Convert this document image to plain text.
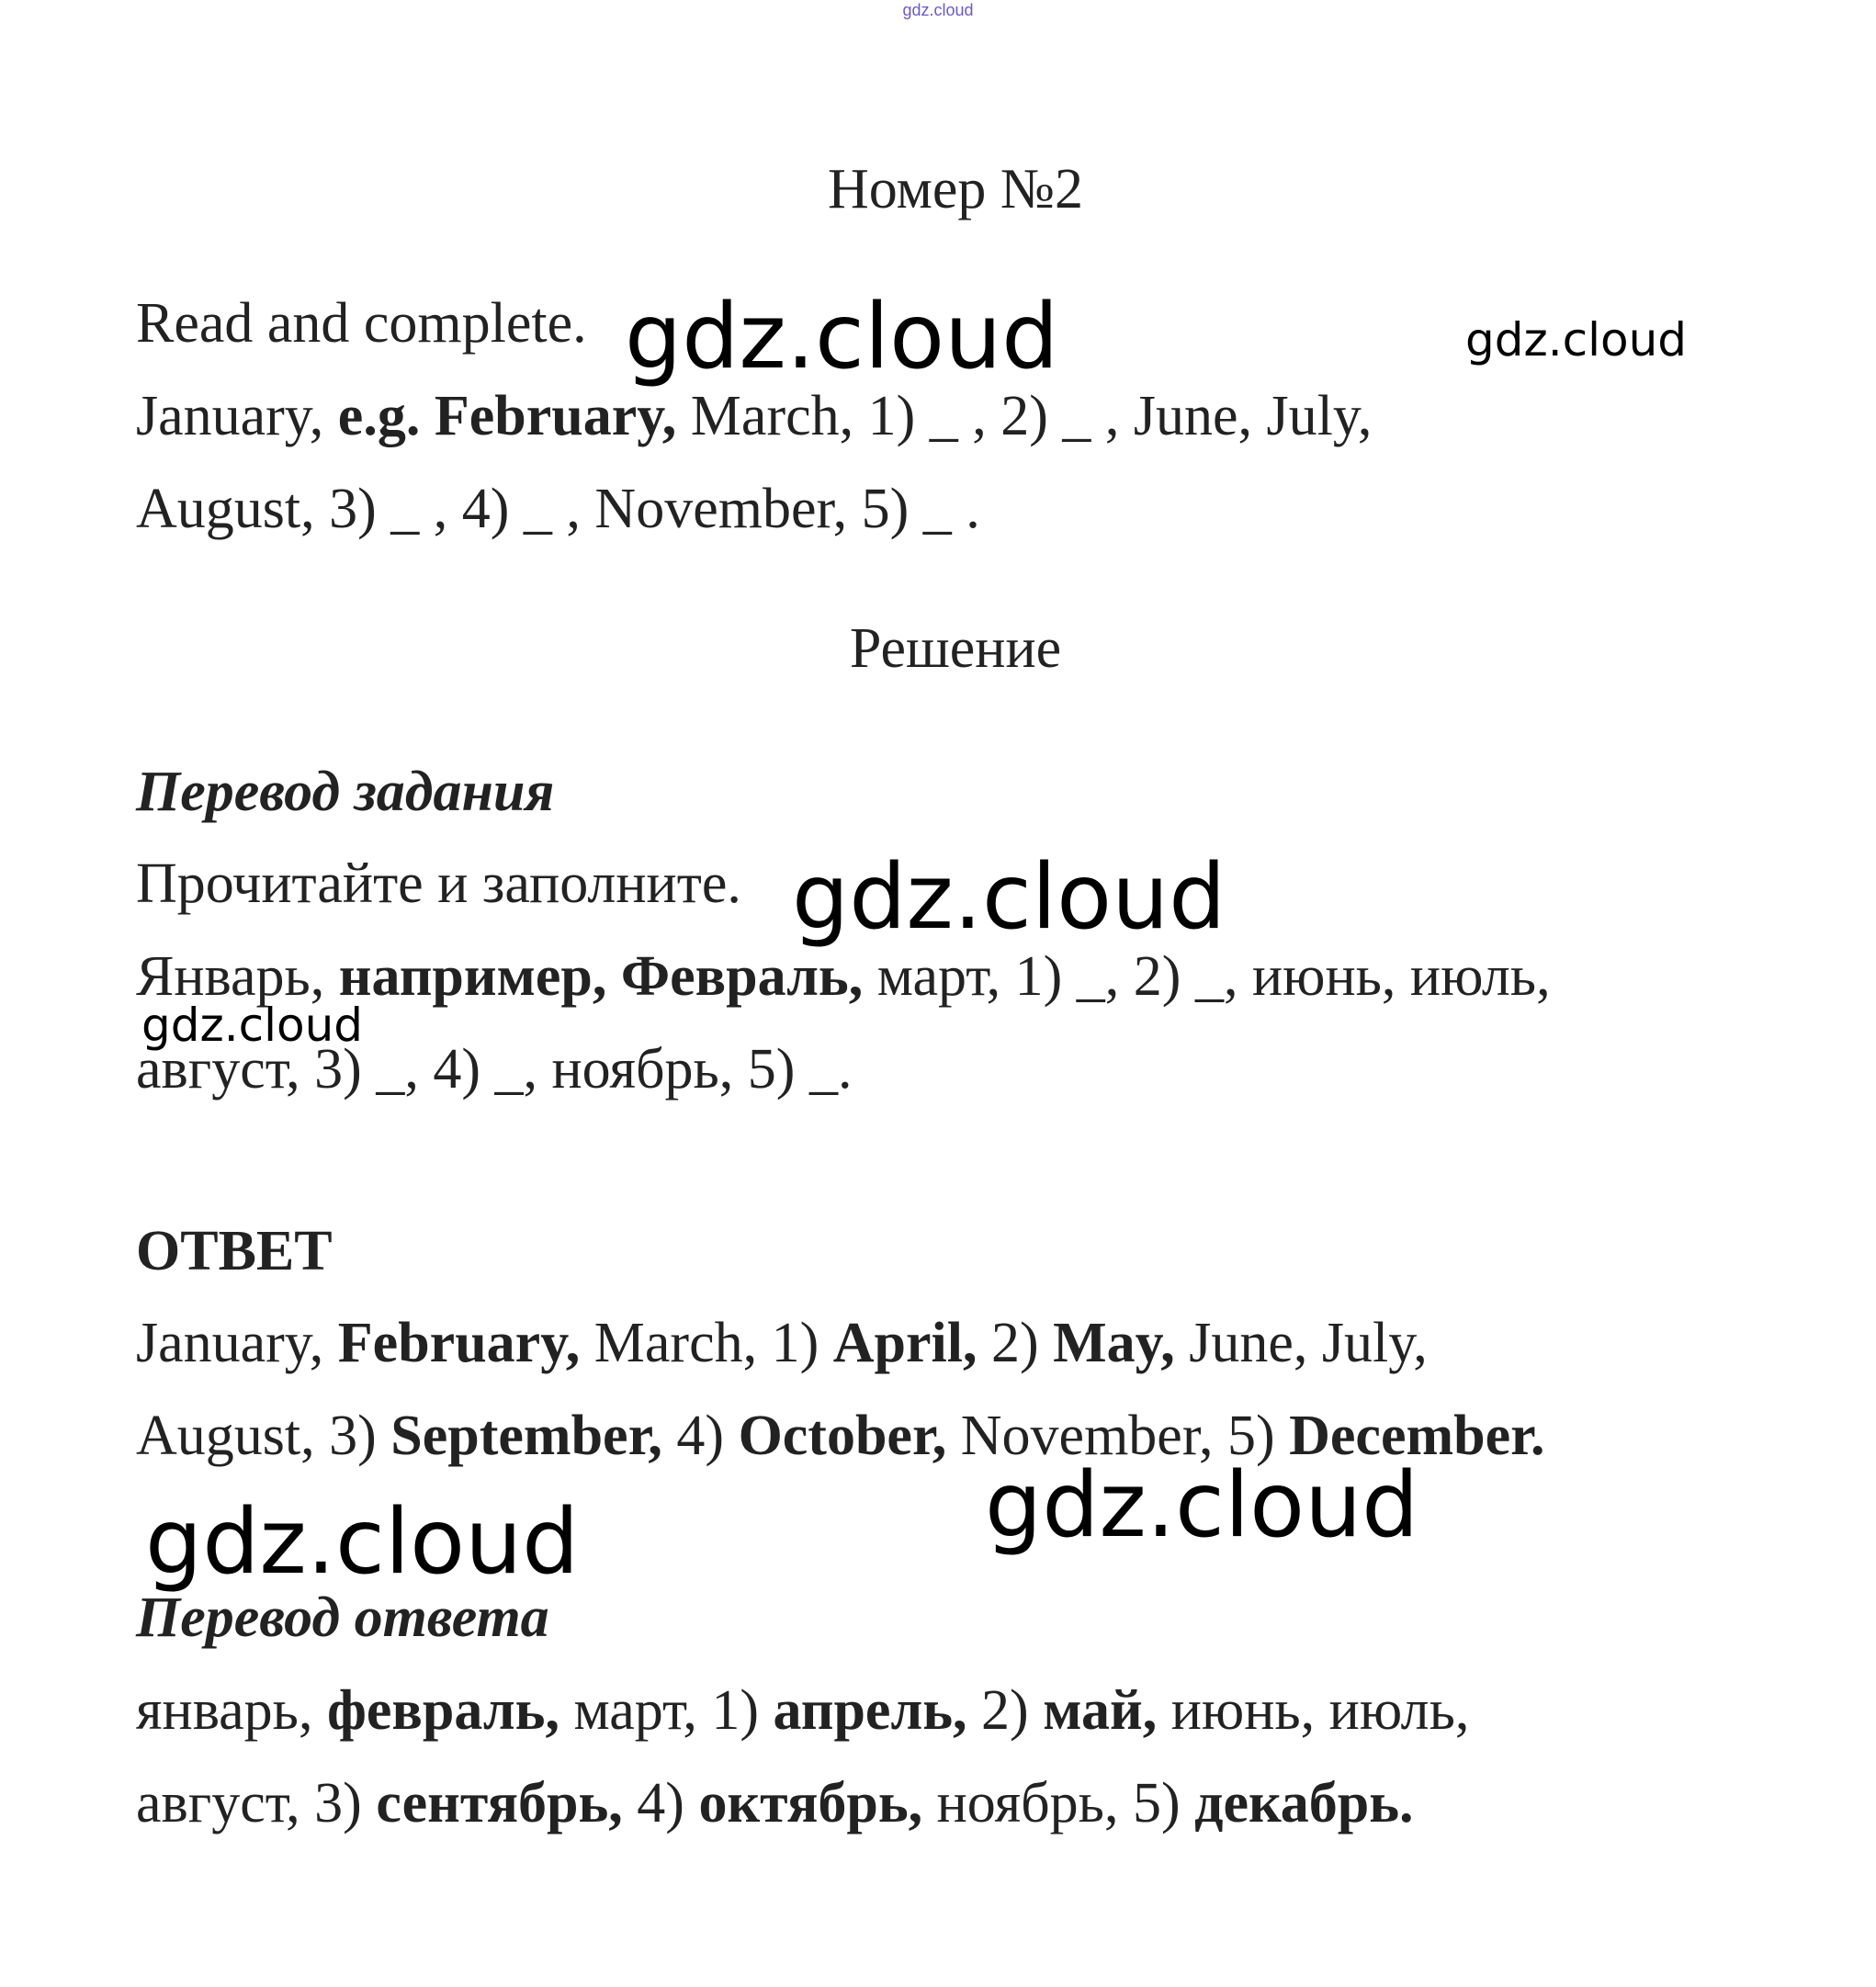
gdz.cloud
Номер №2
Read and complete.
January, e.g. February, March, 1) _ , 2) _ , June, July,
August, 3) _ , 4) _ , November, 5) _ .
Решение
Перевод задания
Прочитайте и заполните.
Январь, например, Февраль, март, 1) _, 2) _, июнь, июль,
август, 3) _, 4) _, ноябрь, 5) _.
ОТВЕТ
January, February, March, 1) April, 2) May, June, July,
August, 3) September, 4) October, November, 5) December.
Перевод ответа
январь, февраль, март, 1) апрель, 2) май, июнь, июль,
август, 3) сентябрь, 4) октябрь, ноябрь, 5) декабрь.
gdz.cloud	gdz.cloud
gdz.cloud
gdz.cloud
gdz.cloud
gdz.cloud
